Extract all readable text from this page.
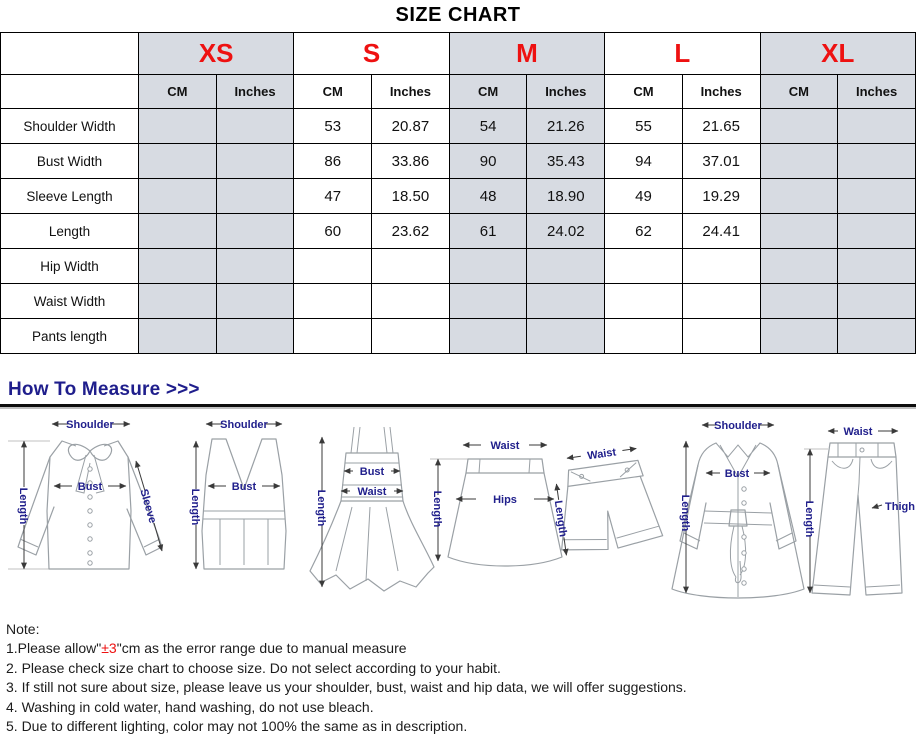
SIZE CHART
	XS		S		M		L		XL	
	CM	Inches	CM	Inches	CM	Inches	CM	Inches	CM	Inches
Shoulder Width			53	20.87	54	21.26	55	21.65		
Bust Width			86	33.86	90	35.43	94	37.01		
Sleeve Length			47	18.50	48	18.90	49	19.29		
Length			60	23.62	61	24.02	62	24.41		
Hip Width										
Waist Width										
Pants length										
How To Measure >>>
Shoulder
Length
Bust
Sleeve
Shoulder
Length
Bust
Bust
Waist
Length
Waist
Hips
Length
Waist
Length
Shoulder
Bust
Length
Waist
Thigh
Length
Note:
1.Please allow"±3"cm as the error range due to manual measure
2. Please check size chart to choose size. Do not select according to your habit.
3. If still not sure about size, please leave us your shoulder, bust, waist and hip data, we will offer suggestions.
4. Washing in cold water, hand washing, do not use bleach.
5. Due to different lighting, color may not 100% the same as in description.
